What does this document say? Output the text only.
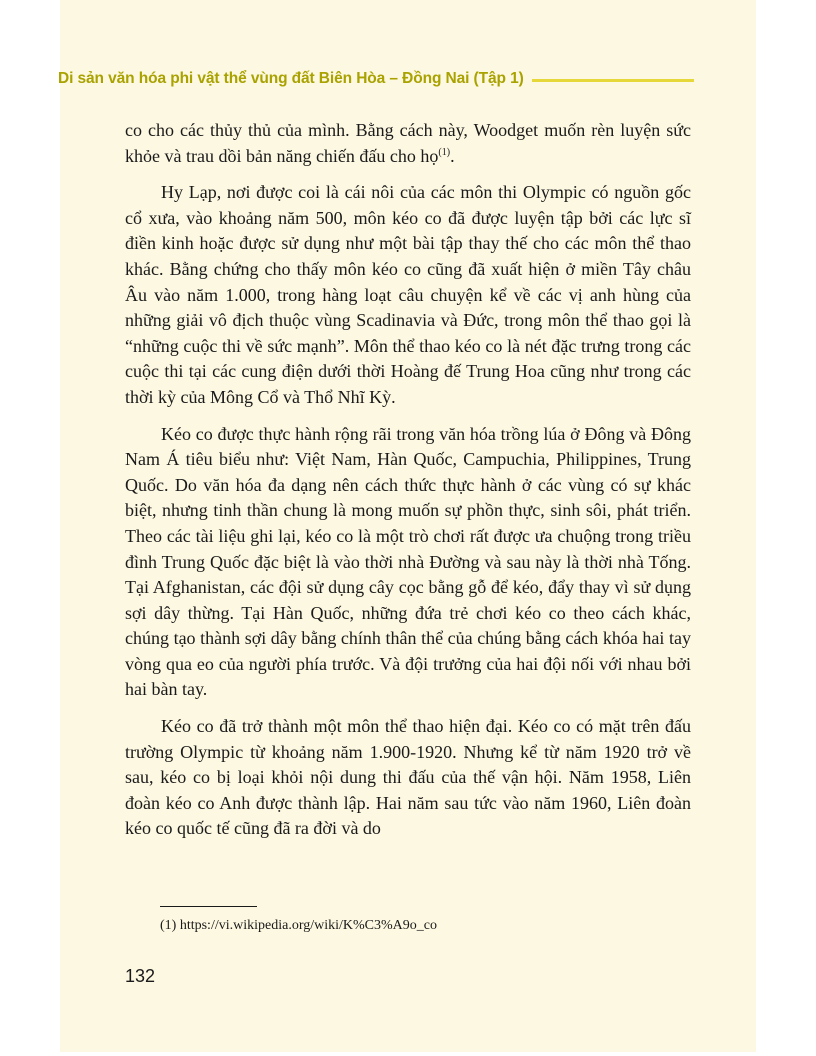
Di sản văn hóa phi vật thể vùng đất Biên Hòa – Đồng Nai (Tập 1)

co cho các thủy thủ của mình. Bằng cách này, Woodget muốn rèn luyện sức khỏe và trau dồi bản năng chiến đấu cho họ$^{(1)}$.

Hy Lạp, nơi được coi là cái nôi của các môn thi Olympic có nguồn gốc cổ xưa, vào khoảng năm 500, môn kéo co đã được luyện tập bởi các lực sĩ điền kinh hoặc được sử dụng như một bài tập thay thế cho các môn thể thao khác. Bằng chứng cho thấy môn kéo co cũng đã xuất hiện ở miền Tây châu Âu vào năm 1.000, trong hàng loạt câu chuyện kể về các vị anh hùng của những giải vô địch thuộc vùng Scadinavia và Đức, trong môn thể thao gọi là “những cuộc thi về sức mạnh”. Môn thể thao kéo co là nét đặc trưng trong các cuộc thi tại các cung điện dưới thời Hoàng đế Trung Hoa cũng như trong các thời kỳ của Mông Cổ và Thổ Nhĩ Kỳ.

Kéo co được thực hành rộng rãi trong văn hóa trồng lúa ở Đông và Đông Nam Á tiêu biểu như: Việt Nam, Hàn Quốc, Campuchia, Philippines, Trung Quốc. Do văn hóa đa dạng nên cách thức thực hành ở các vùng có sự khác biệt, nhưng tinh thần chung là mong muốn sự phồn thực, sinh sôi, phát triển. Theo các tài liệu ghi lại, kéo co là một trò chơi rất được ưa chuộng trong triều đình Trung Quốc đặc biệt là vào thời nhà Đường và sau này là thời nhà Tống. Tại Afghanistan, các đội sử dụng cây cọc bằng gỗ để kéo, đẩy thay vì sử dụng sợi dây thừng. Tại Hàn Quốc, những đứa trẻ chơi kéo co theo cách khác, chúng tạo thành sợi dây bằng chính thân thể của chúng bằng cách khóa hai tay vòng qua eo của người phía trước. Và đội trưởng của hai đội nối với nhau bởi hai bàn tay.

Kéo co đã trở thành một môn thể thao hiện đại. Kéo co có mặt trên đấu trường Olympic từ khoảng năm 1.900-1920. Nhưng kể từ năm 1920 trở về sau, kéo co bị loại khỏi nội dung thi đấu của thế vận hội. Năm 1958, Liên đoàn kéo co Anh được thành lập. Hai năm sau tức vào năm 1960, Liên đoàn kéo co quốc tế cũng đã ra đời và do

(1) https://vi.wikipedia.org/wiki/K%C3%A9o_co
132
